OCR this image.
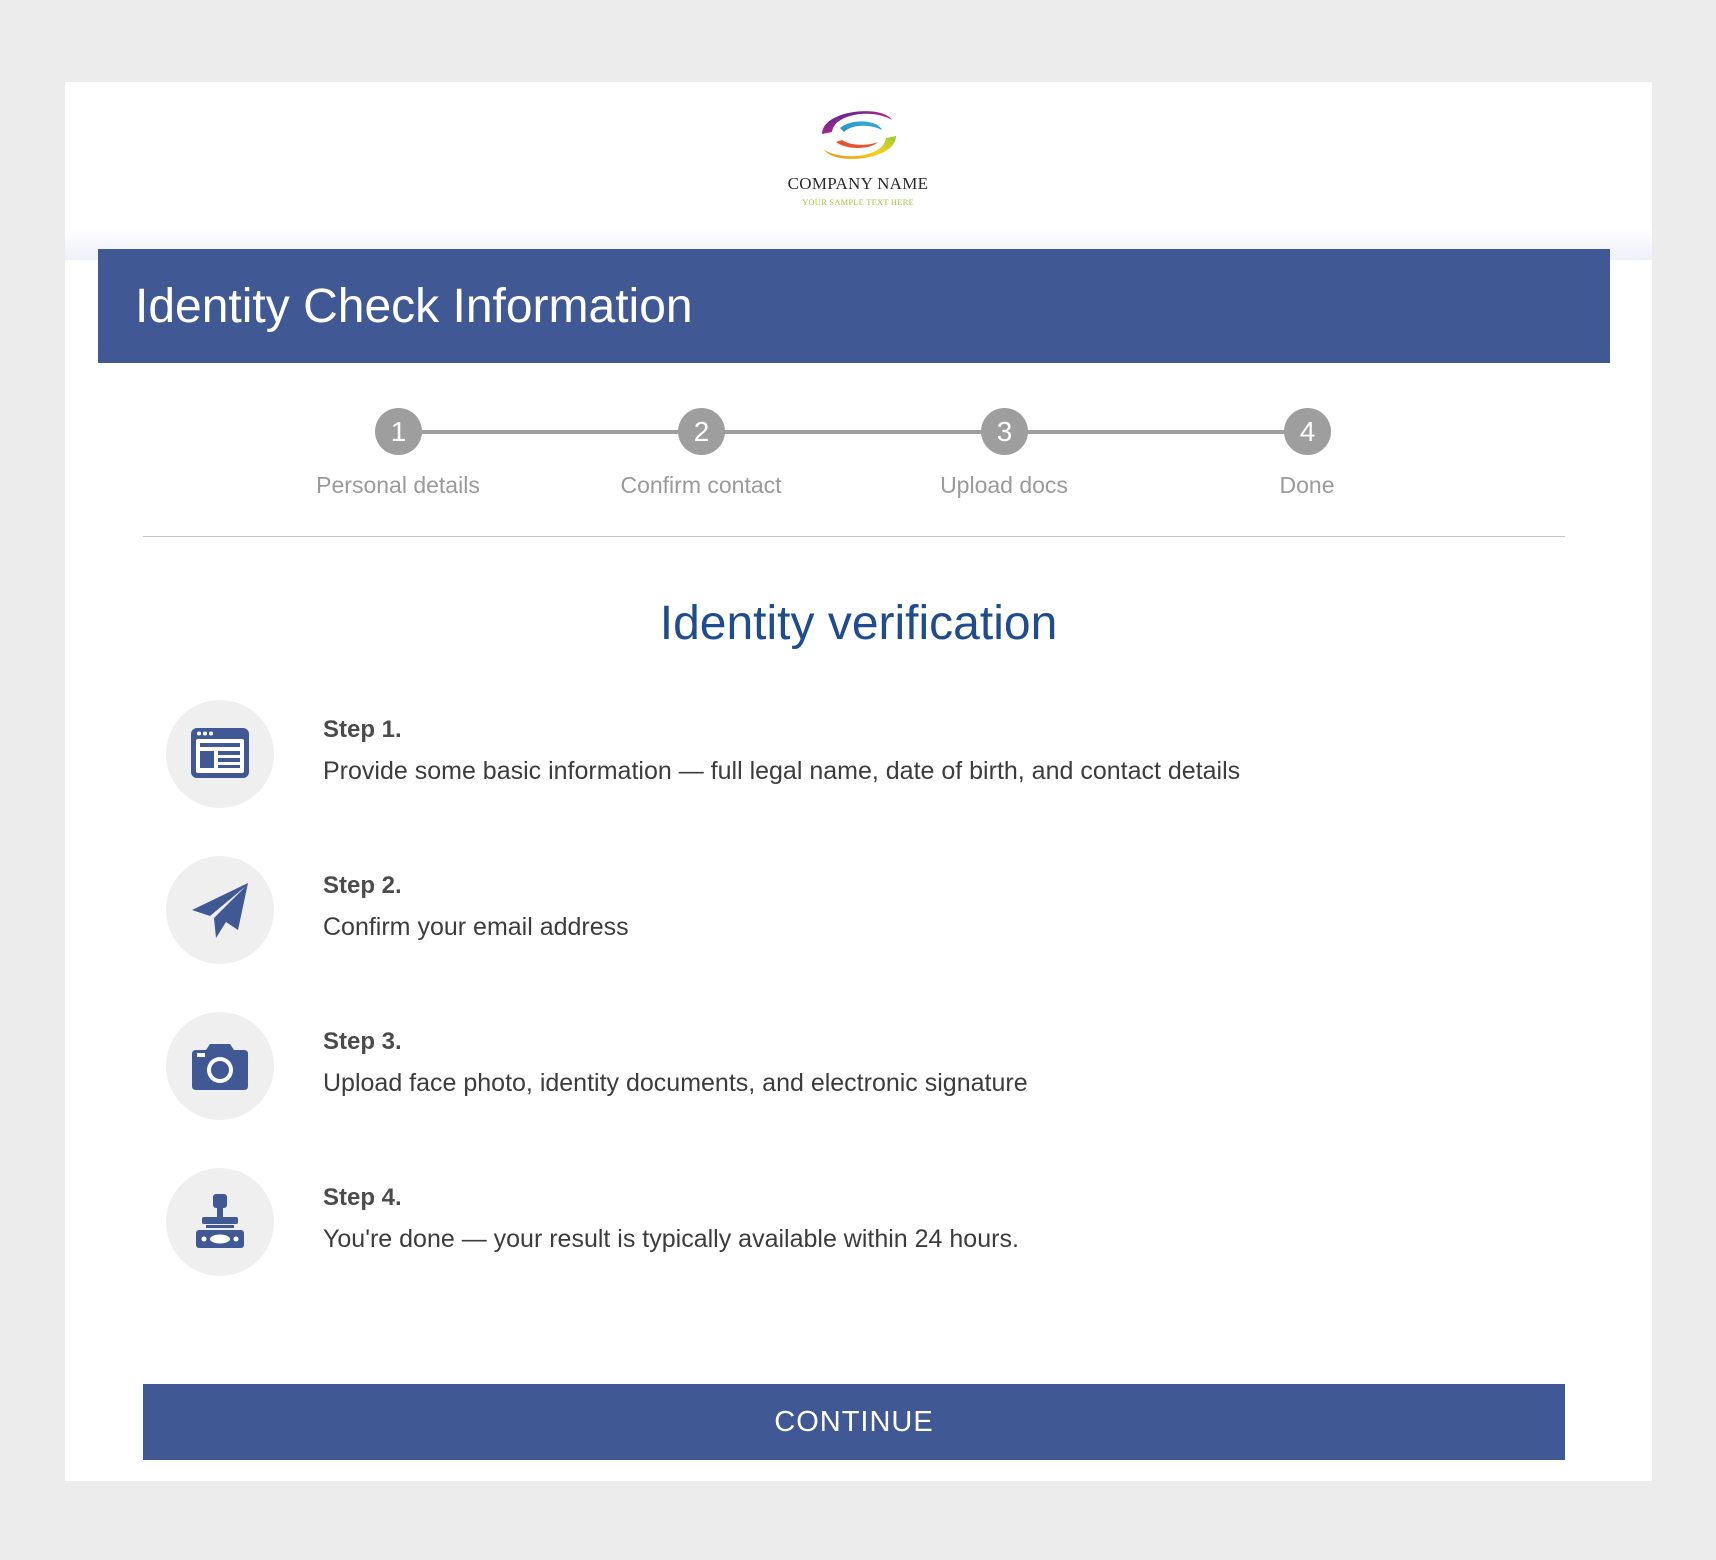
COMPANY NAME
YOUR SAMPLE TEXT HERE
Identity Check Information
1
Personal details
2
Confirm contact
3
Upload docs
4
Done
Identity verification
Step 1.
Provide some basic information — full legal name, date of birth, and contact details
Step 2.
Confirm your email address
Step 3.
Upload face photo, identity documents, and electronic signature
Step 4.
You're done — your result is typically available within 24 hours.
CONTINUE
